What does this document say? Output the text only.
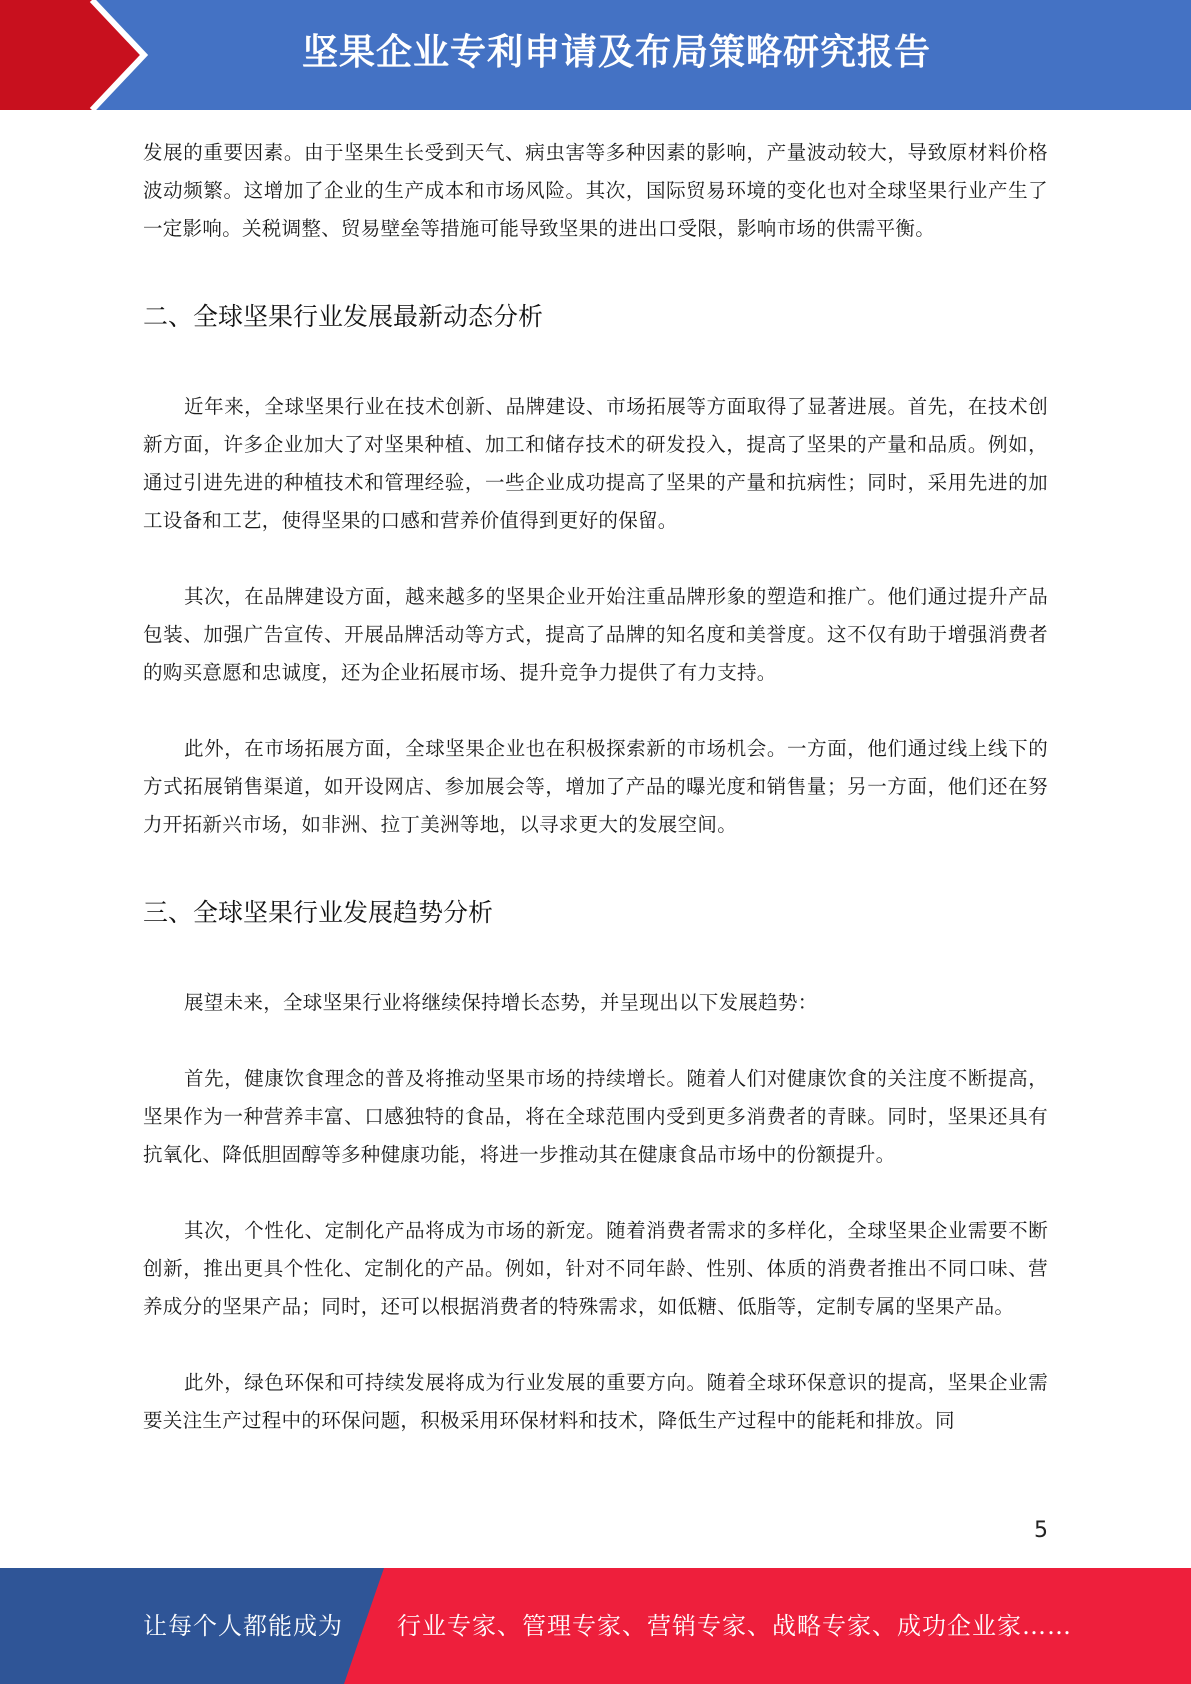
坚果企业专利申请及布局策略研究报告

发展的重要因素。由于坚果生长受到天气、病虫害等多种因素的影响，产量波动较大，导致原材料价格波动频繁。这增加了企业的生产成本和市场风险。其次，国际贸易环境的变化也对全球坚果行业产生了一定影响。关税调整、贸易壁垒等措施可能导致坚果的进出口受限，影响市场的供需平衡。

二、全球坚果行业发展最新动态分析

近年来，全球坚果行业在技术创新、品牌建设、市场拓展等方面取得了显著进展。首先，在技术创新方面，许多企业加大了对坚果种植、加工和储存技术的研发投入，提高了坚果的产量和品质。例如，通过引进先进的种植技术和管理经验，一些企业成功提高了坚果的产量和抗病性；同时，采用先进的加工设备和工艺，使得坚果的口感和营养价值得到更好的保留。

其次，在品牌建设方面，越来越多的坚果企业开始注重品牌形象的塑造和推广。他们通过提升产品包装、加强广告宣传、开展品牌活动等方式，提高了品牌的知名度和美誉度。这不仅有助于增强消费者的购买意愿和忠诚度，还为企业拓展市场、提升竞争力提供了有力支持。

此外，在市场拓展方面，全球坚果企业也在积极探索新的市场机会。一方面，他们通过线上线下的方式拓展销售渠道，如开设网店、参加展会等，增加了产品的曝光度和销售量；另一方面，他们还在努力开拓新兴市场，如非洲、拉丁美洲等地，以寻求更大的发展空间。

三、全球坚果行业发展趋势分析

展望未来，全球坚果行业将继续保持增长态势，并呈现出以下发展趋势：

首先，健康饮食理念的普及将推动坚果市场的持续增长。随着人们对健康饮食的关注度不断提高，坚果作为一种营养丰富、口感独特的食品，将在全球范围内受到更多消费者的青睐。同时，坚果还具有抗氧化、降低胆固醇等多种健康功能，将进一步推动其在健康食品市场中的份额提升。

其次，个性化、定制化产品将成为市场的新宠。随着消费者需求的多样化，全球坚果企业需要不断创新，推出更具个性化、定制化的产品。例如，针对不同年龄、性别、体质的消费者推出不同口味、营养成分的坚果产品；同时，还可以根据消费者的特殊需求，如低糖、低脂等，定制专属的坚果产品。

此外，绿色环保和可持续发展将成为行业发展的重要方向。随着全球环保意识的提高，坚果企业需要关注生产过程中的环保问题，积极采用环保材料和技术，降低生产过程中的能耗和排放。同

5
让每个人都能成为 行业专家、管理专家、营销专家、战略专家、成功企业家……
